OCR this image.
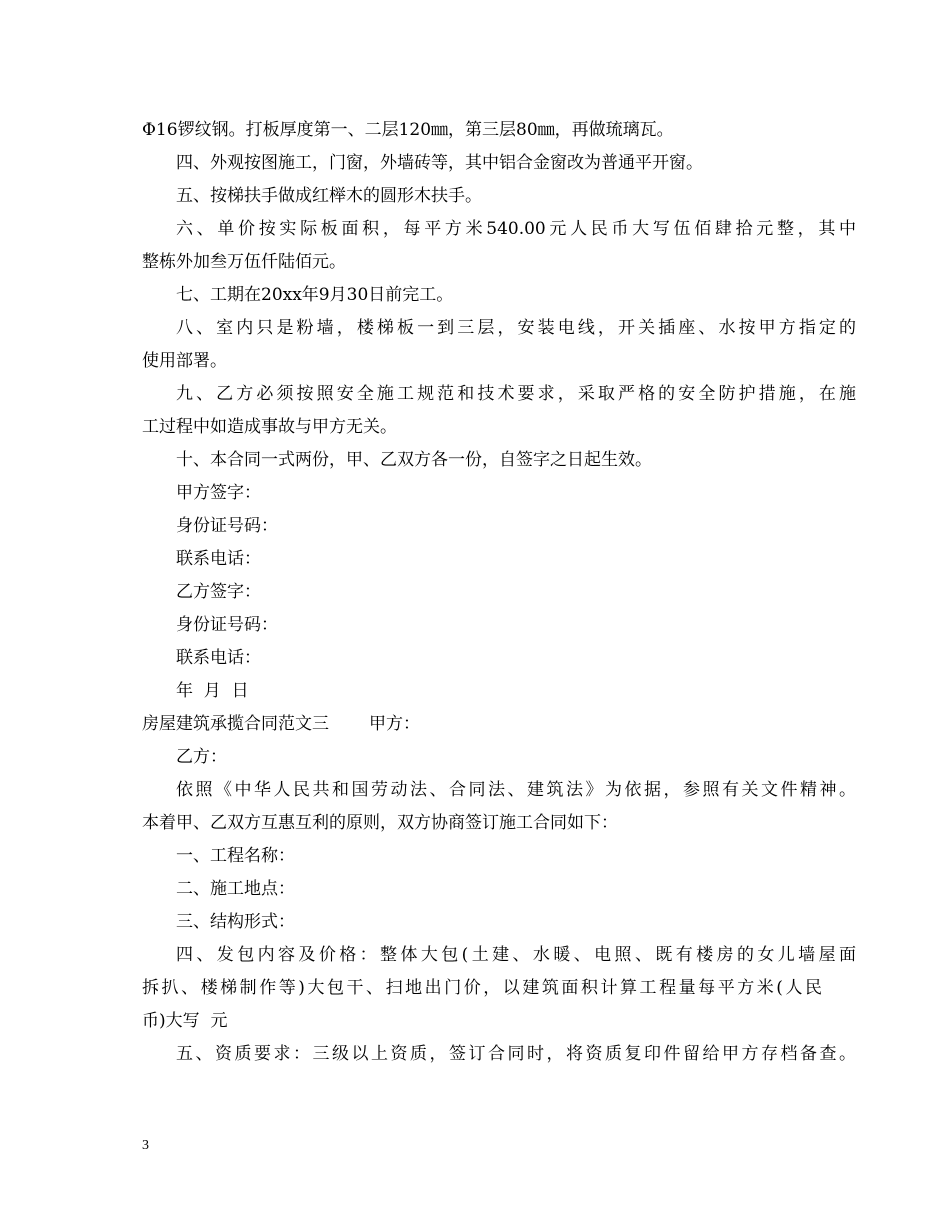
Φ16锣纹钢。打板厚度第一、二层120㎜，第三层80㎜，再做琉璃瓦。
四、外观按图施工，门窗，外墙砖等，其中铝合金窗改为普通平开窗。
五、按梯扶手做成红榉木的圆形木扶手。
六、单价按实际板面积，每平方米540.00元人民币大写伍佰肆拾元整，其中
整栋外加叁万伍仟陆佰元。
七、工期在20xx年9月30日前完工。
八、室内只是粉墙，楼梯板一到三层，安装电线，开关插座、水按甲方指定的
使用部署。
九、乙方必须按照安全施工规范和技术要求，采取严格的安全防护措施，在施
工过程中如造成事故与甲方无关。
十、本合同一式两份，甲、乙双方各一份，自签字之日起生效。
甲方签字：
身份证号码：
联系电话：
乙方签字：
身份证号码：
联系电话：
年  月  日
房屋建筑承揽合同范文三 甲方：
乙方：
依照《中华人民共和国劳动法、合同法、建筑法》为依据，参照有关文件精神。
本着甲、乙双方互惠互利的原则，双方协商签订施工合同如下：
一、工程名称：
二、施工地点：
三、结构形式：
四、发包内容及价格：整体大包(土建、水暖、电照、既有楼房的女儿墙屋面
拆扒、楼梯制作等)大包干、扫地出门价，以建筑面积计算工程量每平方米(人民
币)大写  元
五、资质要求：三级以上资质，签订合同时，将资质复印件留给甲方存档备查。
3
